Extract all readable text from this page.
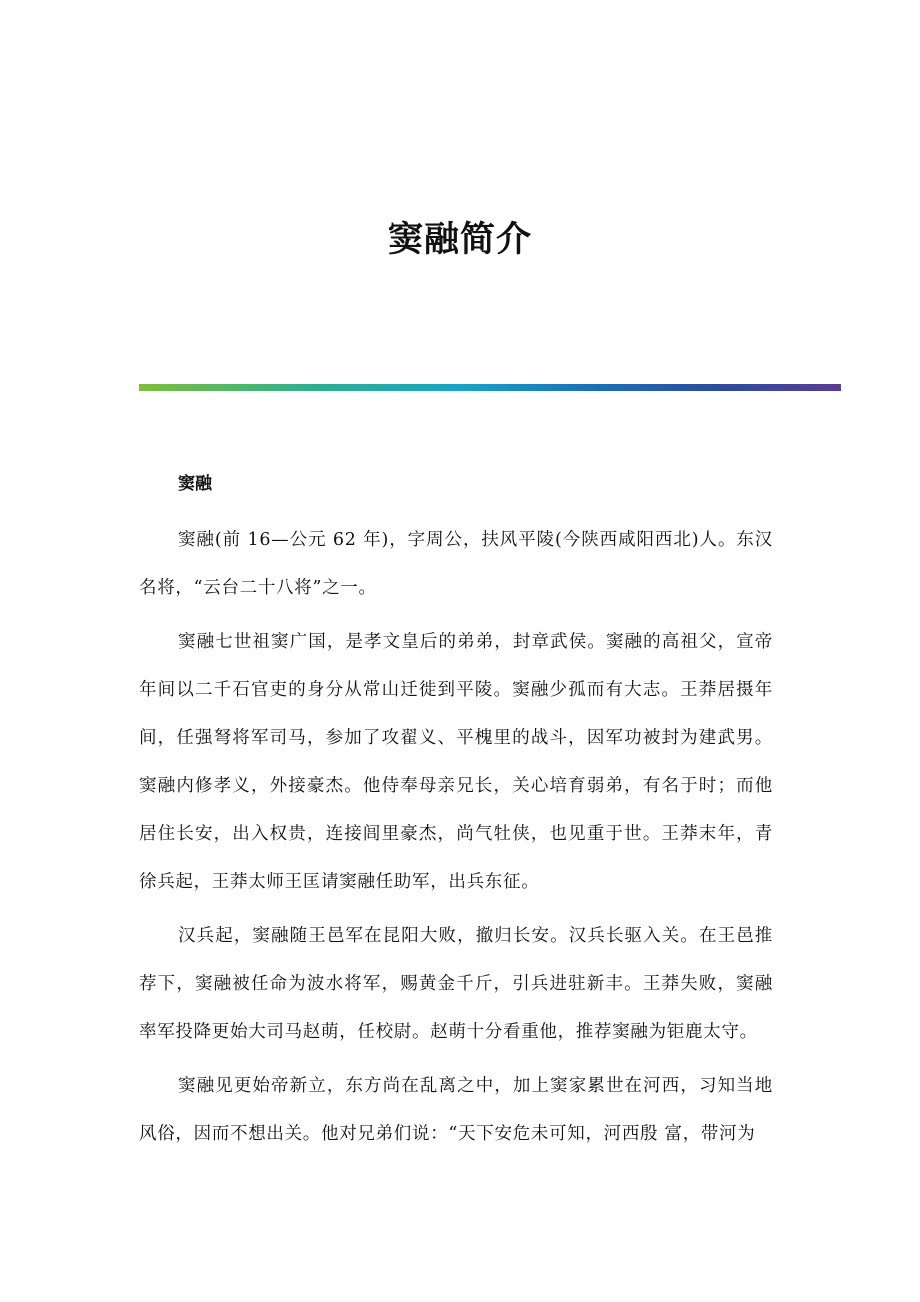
窦融简介
窦融

窦融(前 16—公元 62 年)，字周公，扶风平陵(今陕西咸阳西北)人。东汉名将，“云台二十八将”之一。

窦融七世祖窦广国，是孝文皇后的弟弟，封章武侯。窦融的高祖父，宣帝年间以二千石官吏的身分从常山迁徙到平陵。窦融少孤而有大志。王莽居摄年间，任强弩将军司马，参加了攻翟义、平槐里的战斗，因军功被封为建武男。窦融内修孝义，外接豪杰。他侍奉母亲兄长，关心培育弱弟，有名于时；而他居住长安，出入权贵，连接闾里豪杰，尚气牡侠，也见重于世。王莽末年，青徐兵起，王莽太师王匡请窦融任助军，出兵东征。

汉兵起，窦融随王邑军在昆阳大败，撤归长安。汉兵长驱入关。在王邑推荐下，窦融被任命为波水将军，赐黄金千斤，引兵进驻新丰。王莽失败，窦融率军投降更始大司马赵萌，任校尉。赵萌十分看重他，推荐窦融为钜鹿太守。

窦融见更始帝新立，东方尚在乱离之中，加上窦家累世在河西，习知当地风俗，因而不想出关。他对兄弟们说：“天下安危未可知，河西殷 富，带河为
